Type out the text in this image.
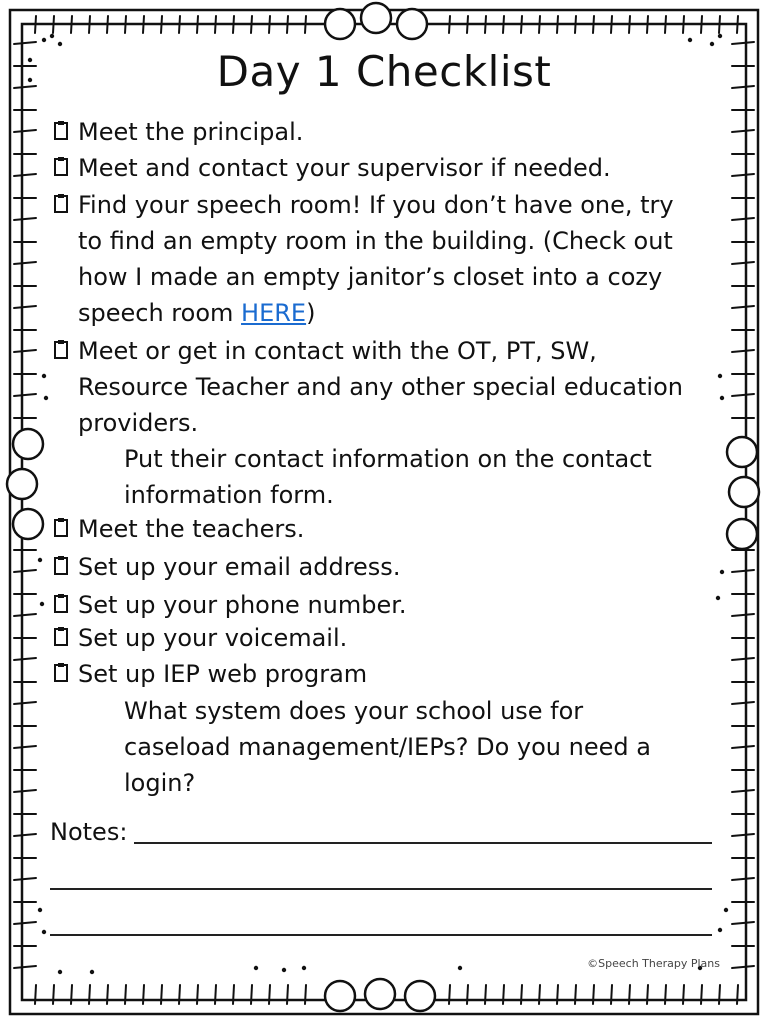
Day 1 Checklist
Meet the principal.
Meet and contact your supervisor if needed.
Find your speech room! If you don’t have one, try
to find an empty room in the building. (Check out
how I made an empty janitor’s closet into a cozy
speech room HERE)
Meet or get in contact with the OT, PT, SW,
Resource Teacher and any other special education
providers.
Put their contact information on the contact
information form.
Meet the teachers.
Set up your email address.
Set up your phone number.
Set up your voicemail.
Set up IEP web program
What system does your school use for
caseload management/IEPs? Do you need a
login?
Notes:
©Speech Therapy Plans
